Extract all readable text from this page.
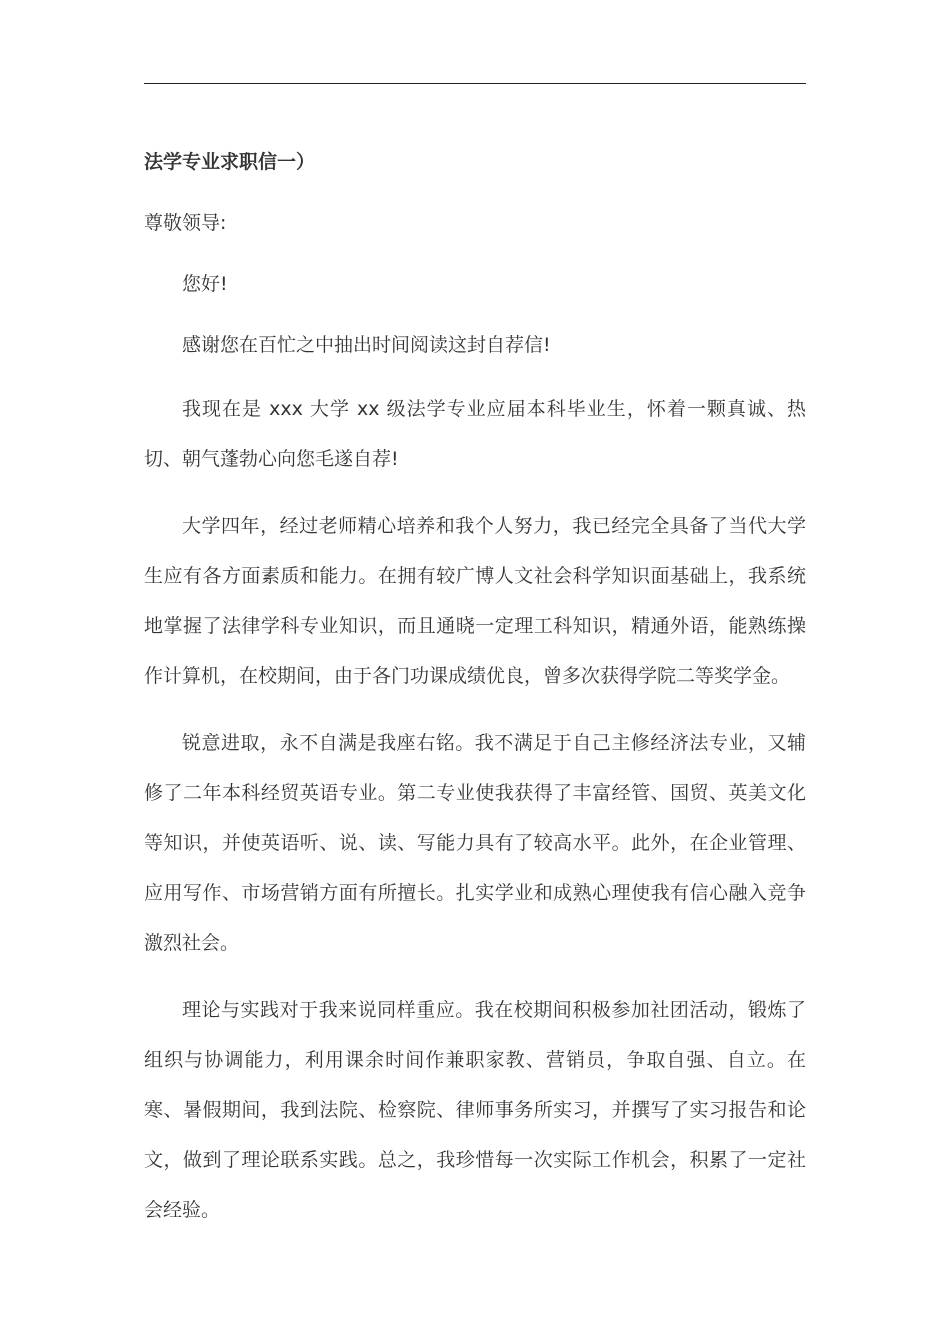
法学专业求职信一）

尊敬领导:

您好!

感谢您在百忙之中抽出时间阅读这封自荐信!

我现在是 xxx 大学 xx 级法学专业应届本科毕业生，怀着一颗真诚、热切、朝气蓬勃心向您毛遂自荐!

大学四年，经过老师精心培养和我个人努力，我已经完全具备了当代大学生应有各方面素质和能力。在拥有较广博人文社会科学知识面基础上，我系统地掌握了法律学科专业知识，而且通晓一定理工科知识，精通外语，能熟练操作计算机，在校期间，由于各门功课成绩优良，曾多次获得学院二等奖学金。

锐意进取，永不自满是我座右铭。我不满足于自己主修经济法专业，又辅修了二年本科经贸英语专业。第二专业使我获得了丰富经管、国贸、英美文化等知识，并使英语听、说、读、写能力具有了较高水平。此外，在企业管理、应用写作、市场营销方面有所擅长。扎实学业和成熟心理使我有信心融入竞争激烈社会。

理论与实践对于我来说同样重应。我在校期间积极参加社团活动，锻炼了组织与协调能力，利用课余时间作兼职家教、营销员，争取自强、自立。在寒、暑假期间，我到法院、检察院、律师事务所实习，并撰写了实习报告和论文，做到了理论联系实践。总之，我珍惜每一次实际工作机会，积累了一定社会经验。
